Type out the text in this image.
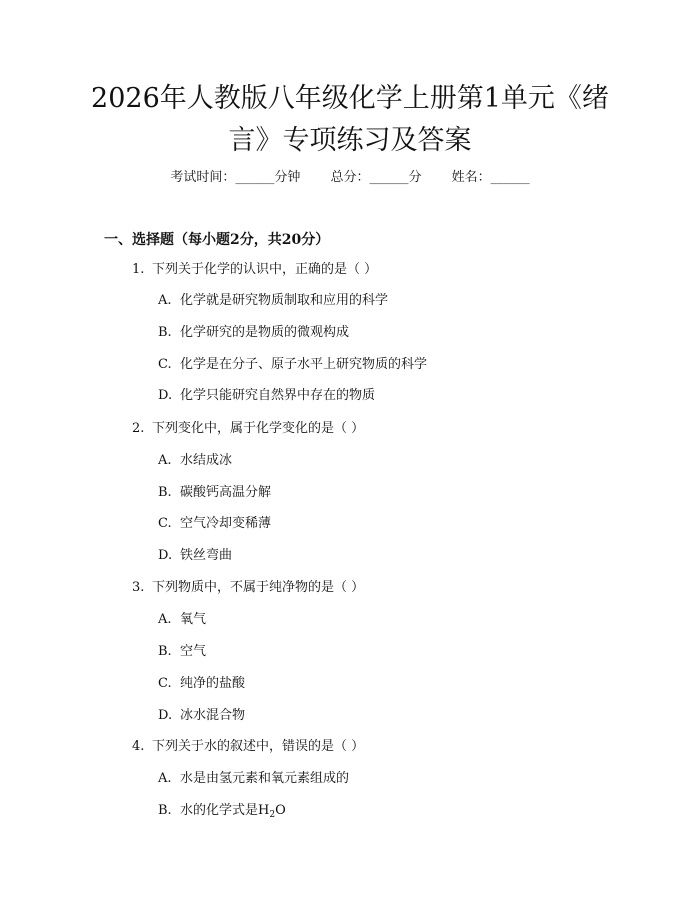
2026年人教版八年级化学上册第1单元《绪
言》专项练习及答案
考试时间：______分钟 总分：______分 姓名：______
一、选择题（每小题2分，共20分）
1. 下列关于化学的认识中，正确的是（ ）
A. 化学就是研究物质制取和应用的科学
B. 化学研究的是物质的微观构成
C. 化学是在分子、原子水平上研究物质的科学
D. 化学只能研究自然界中存在的物质
2. 下列变化中，属于化学变化的是（ ）
A. 水结成冰
B. 碳酸钙高温分解
C. 空气冷却变稀薄
D. 铁丝弯曲
3. 下列物质中，不属于纯净物的是（ ）
A. 氧气
B. 空气
C. 纯净的盐酸
D. 冰水混合物
4. 下列关于水的叙述中，错误的是（ ）
A. 水是由氢元素和氧元素组成的
B. 水的化学式是$H_2O$
